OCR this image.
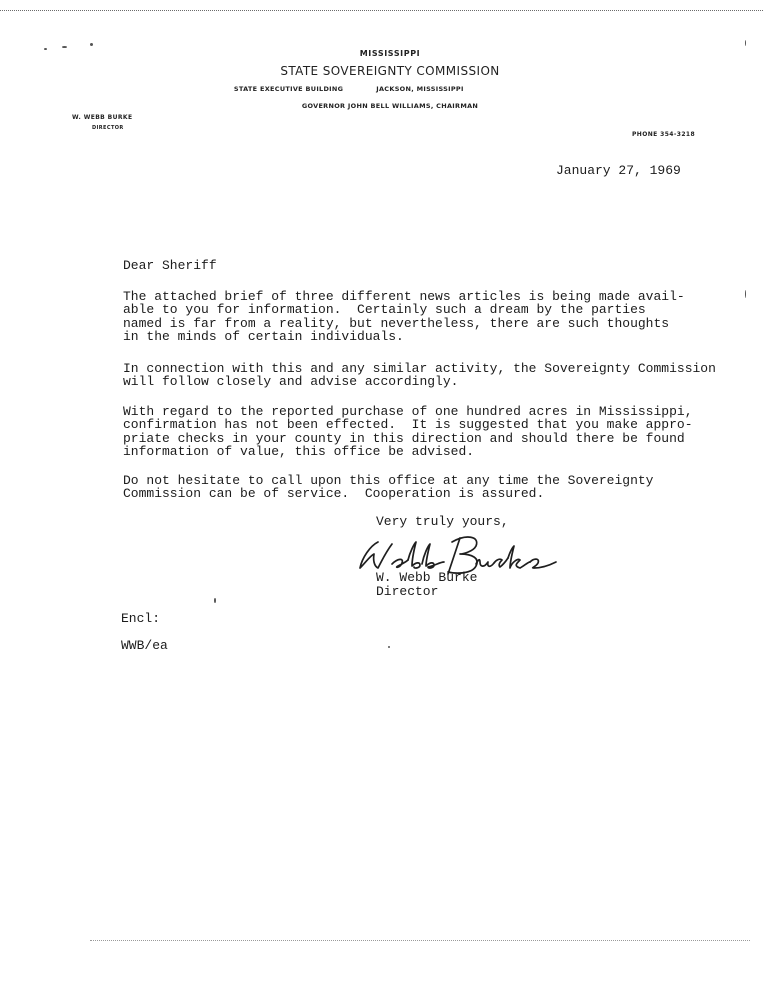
MISSISSIPPI
STATE SOVEREIGNTY COMMISSION
STATE EXECUTIVE BUILDING	JACKSON, MISSISSIPPI
GOVERNOR JOHN BELL WILLIAMS, CHAIRMAN
W. WEBB BURKE
DIRECTOR
PHONE 354-3218
January 27, 1969
Dear Sheriff
The attached brief of three different news articles is being made avail-
able to you for information.  Certainly such a dream by the parties
named is far from a reality, but nevertheless, there are such thoughts
in the minds of certain individuals.
In connection with this and any similar activity, the Sovereignty Commission
will follow closely and advise accordingly.
With regard to the reported purchase of one hundred acres in Mississippi,
confirmation has not been effected.  It is suggested that you make appro-
priate checks in your county in this direction and should there be found
information of value, this office be advised.
Do not hesitate to call upon this office at any time the Sovereignty
Commission can be of service.  Cooperation is assured.
Very truly yours,
W. Webb Burke
Director
Encl:
WWB/ea
